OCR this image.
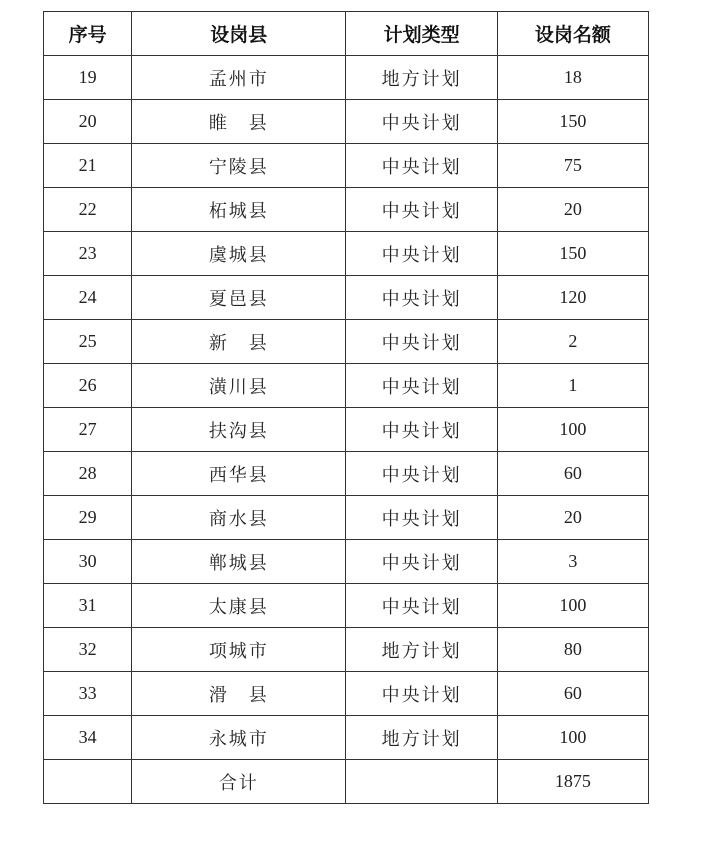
序号	设岗县	计划类型	设岗名额
19	孟州市	地方计划	18
20	睢　县	中央计划	150
21	宁陵县	中央计划	75
22	柘城县	中央计划	20
23	虞城县	中央计划	150
24	夏邑县	中央计划	120
25	新　县	中央计划	2
26	潢川县	中央计划	1
27	扶沟县	中央计划	100
28	西华县	中央计划	60
29	商水县	中央计划	20
30	郸城县	中央计划	3
31	太康县	中央计划	100
32	项城市	地方计划	80
33	滑　县	中央计划	60
34	永城市	地方计划	100
	合计		1875
